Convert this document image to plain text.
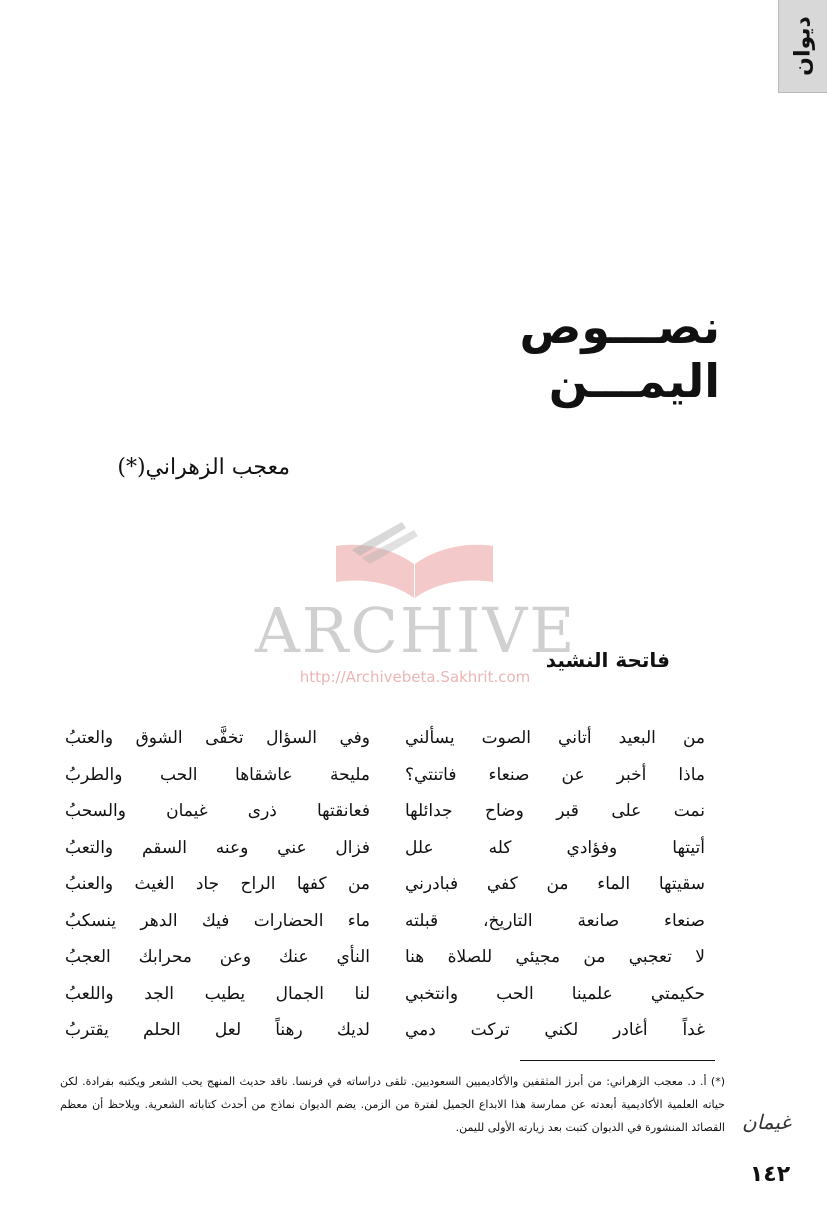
ديوان
نصـــوص اليمـــن
معجب الزهراني(*)
ARCHIVE
http://Archivebeta.Sakhrit.com
فاتحة النشيد
من البعيد أتاني الصوت يسألني
ماذا أخبر عن صنعاء فاتنتي؟
نمت على قبر وضاح جدائلها
أتيتها وفؤادي كله علل
سقيتها الماء من كفي فبادرني
صنعاء صانعة التاريخ، قبلته
لا تعجبي من مجيئي للصلاة هنا
حكيمتي علمينا الحب وانتخبي
غداً أغادر لكني تركت دمي
وفي السؤال تخفَّى الشوق والعتبُ
مليحة عاشقاها الحب والطربُ
فعانقتها ذرى غيمان والسحبُ
فزال عني وعنه السقم والتعبُ
من كفها الراح جاد الغيث والعنبُ
ماء الحضارات فيك الدهر ينسكبُ
النأي عنك وعن محرابك العجبُ
لنا الجمال يطيب الجد واللعبُ
لديك رهناً لعل الحلم يقتربُ
(*) أ. د. معجب الزهراني: من أبرز المثقفين والأكاديميين السعوديين. تلقى دراساته في فرنسا. ناقد حديث المنهج يحب الشعر ويكتبه بفرادة. لكن حياته العلمية الأكاديمية أبعدته عن ممارسة هذا الابداع الجميل لفترة من الزمن. يضم الديوان نماذج من أحدث كتاباته الشعرية. ويلاحظ أن معظم القصائد المنشورة في الديوان كتبت بعد زيارته الأولى لليمن. غيمان
١٤٢
